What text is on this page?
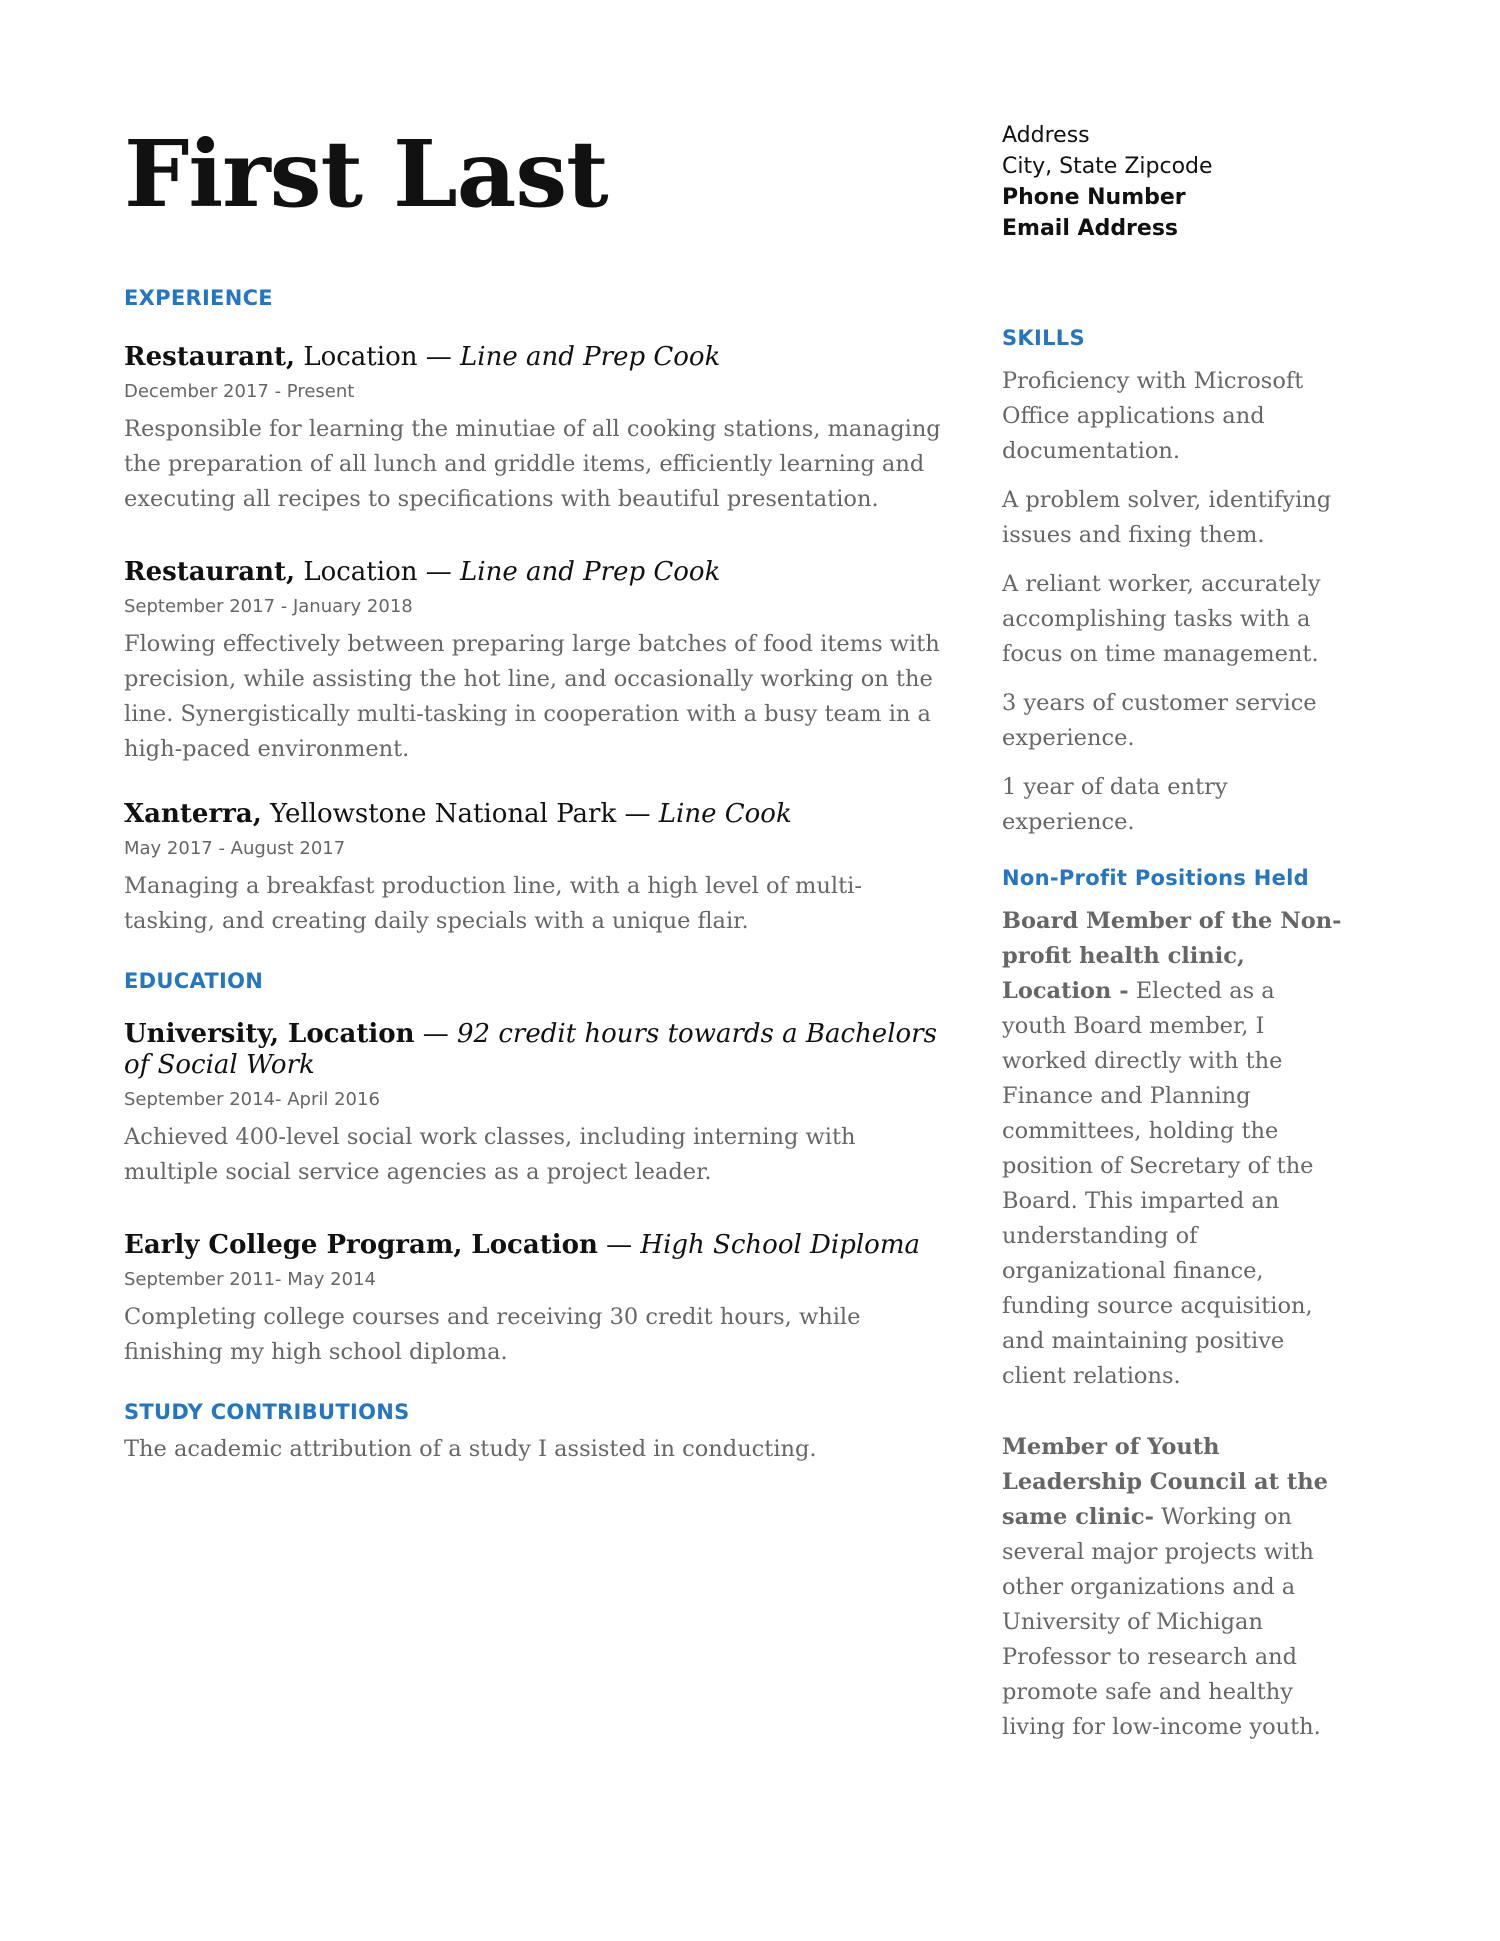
First Last
EXPERIENCE
Restaurant, Location — Line and Prep Cook
December 2017 - Present
Responsible for learning the minutiae of all cooking stations, managing the preparation of all lunch and griddle items, efficiently learning and executing all recipes to specifications with beautiful presentation.
Restaurant, Location — Line and Prep Cook
September 2017 - January 2018
Flowing effectively between preparing large batches of food items with precision, while assisting the hot line, and occasionally working on the line. Synergistically multi-tasking in cooperation with a busy team in a high-paced environment.
Xanterra, Yellowstone National Park — Line Cook
May 2017 - August 2017
Managing a breakfast production line, with a high level of multi-tasking, and creating daily specials with a unique flair.
EDUCATION
University, Location — 92 credit hours towards a Bachelors of Social Work
September 2014- April 2016
Achieved 400-level social work classes, including interning with multiple social service agencies as a project leader.
Early College Program, Location — High School Diploma
September 2011- May 2014
Completing college courses and receiving 30 credit hours, while finishing my high school diploma.
STUDY CONTRIBUTIONS
The academic attribution of a study I assisted in conducting.
Address
City, State Zipcode
Phone Number
Email Address
SKILLS
Proficiency with Microsoft Office applications and documentation.
A problem solver, identifying issues and fixing them.
A reliant worker, accurately accomplishing tasks with a focus on time management.
3 years of customer service experience.
1 year of data entry experience.
Non-Profit Positions Held
Board Member of the Non-profit health clinic, Location - Elected as a youth Board member, I worked directly with the Finance and Planning committees, holding the position of Secretary of the Board. This imparted an understanding of organizational finance, funding source acquisition, and maintaining positive client relations.
Member of Youth Leadership Council at the same clinic- Working on several major projects with other organizations and a University of Michigan Professor to research and promote safe and healthy living for low-income youth.
